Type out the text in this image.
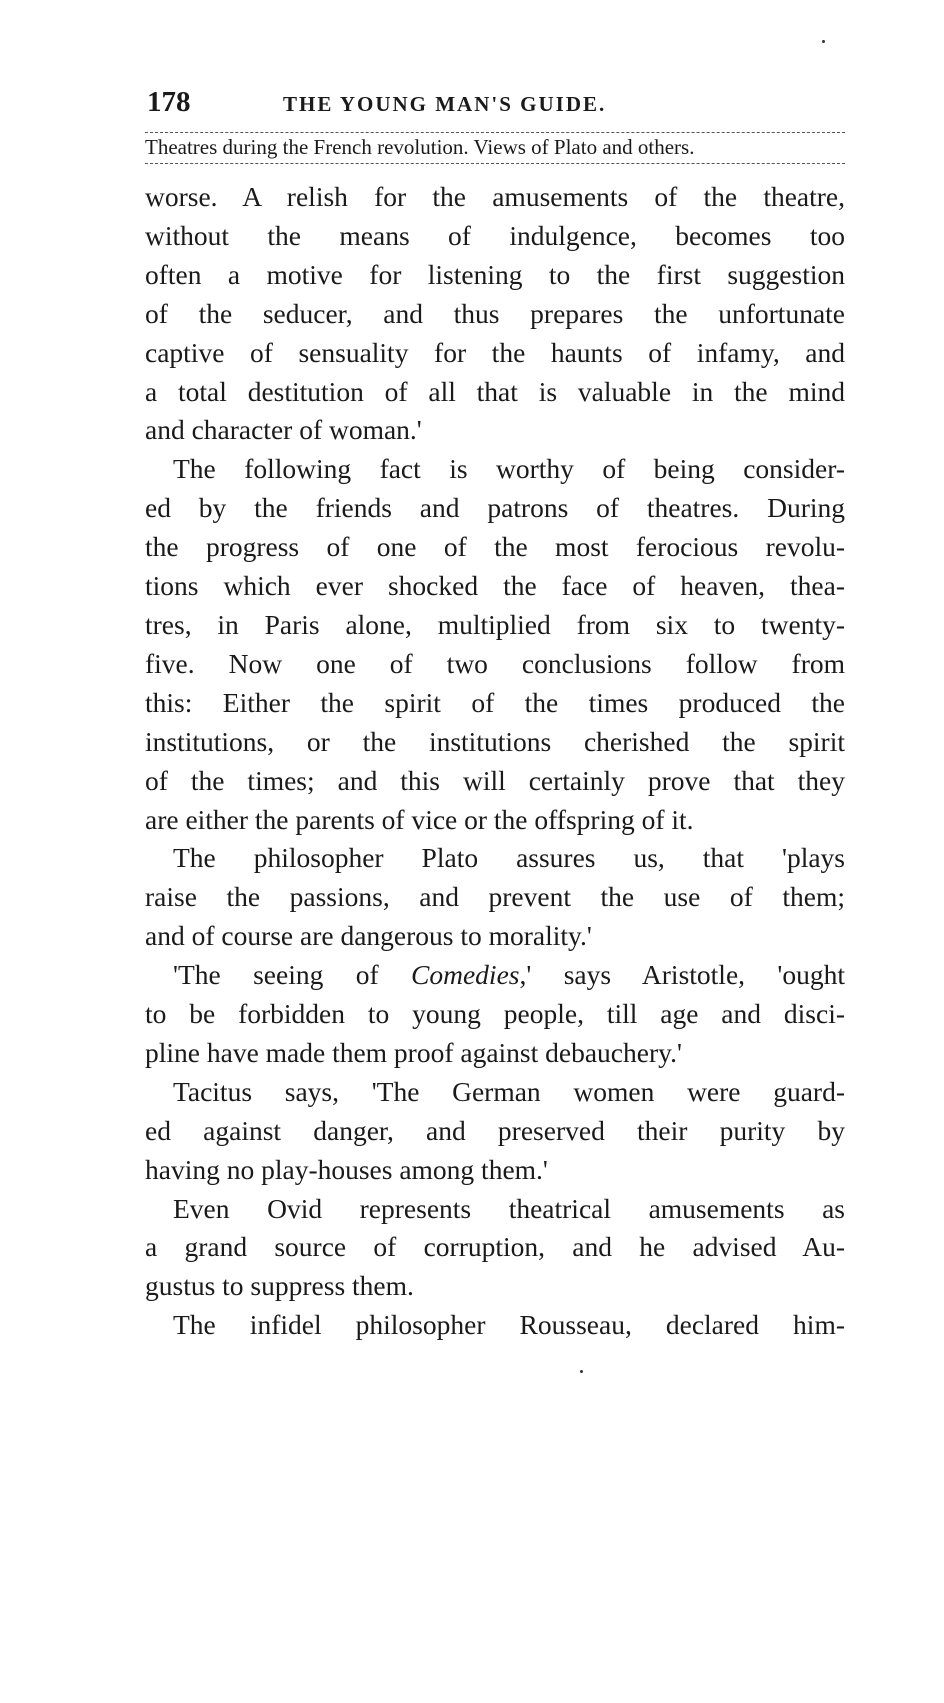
178	THE YOUNG MAN'S GUIDE.
Theatres during the French revolution. Views of Plato and others.
worse. A relish for the amusements of the theatre,
without the means of indulgence, becomes too
often a motive for listening to the first suggestion
of the seducer, and thus prepares the unfortunate
captive of sensuality for the haunts of infamy, and
a total destitution of all that is valuable in the mind
and character of woman.'
The following fact is worthy of being consider-
ed by the friends and patrons of theatres. During
the progress of one of the most ferocious revolu-
tions which ever shocked the face of heaven, thea-
tres, in Paris alone, multiplied from six to twenty-
five. Now one of two conclusions follow from
this: Either the spirit of the times produced the
institutions, or the institutions cherished the spirit
of the times; and this will certainly prove that they
are either the parents of vice or the offspring of it.
The philosopher Plato assures us, that 'plays
raise the passions, and prevent the use of them;
and of course are dangerous to morality.'
'The seeing of Comedies,' says Aristotle, 'ought
to be forbidden to young people, till age and disci-
pline have made them proof against debauchery.'
Tacitus says, 'The German women were guard-
ed against danger, and preserved their purity by
having no play-houses among them.'
Even Ovid represents theatrical amusements as
a grand source of corruption, and he advised Au-
gustus to suppress them.
The infidel philosopher Rousseau, declared him-
